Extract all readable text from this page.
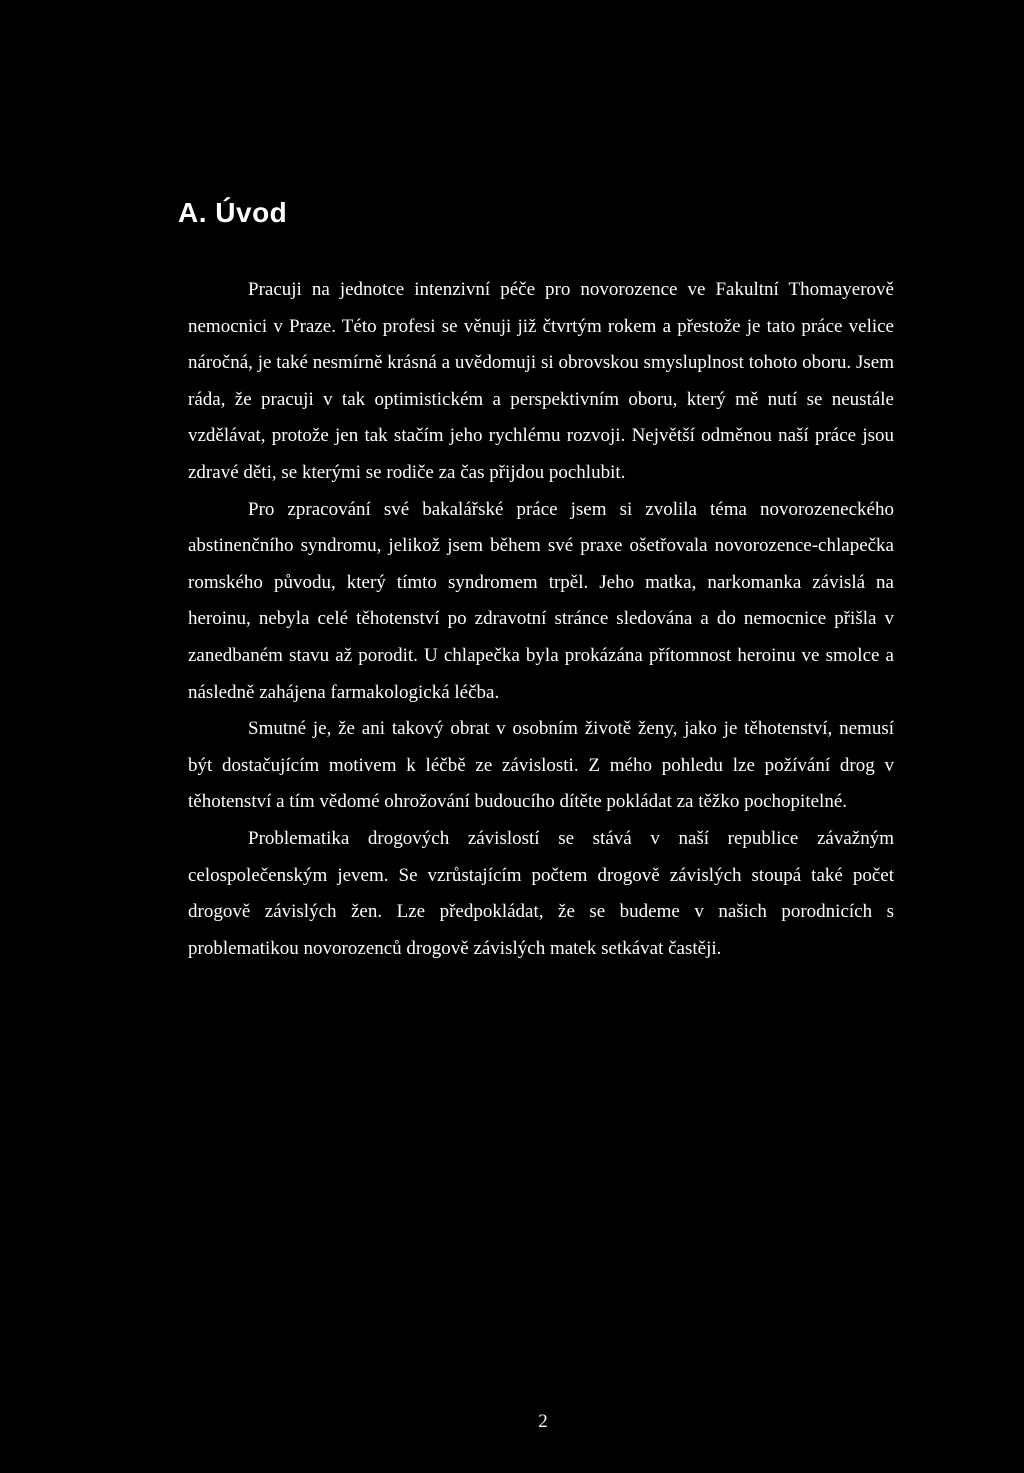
A. Úvod

Pracuji na jednotce intenzivní péče pro novorozence ve Fakultní Thomayerově nemocnici v Praze. Této profesi se věnuji již čtvrtým rokem a přestože je tato práce velice náročná, je také nesmírně krásná a uvědomuji si obrovskou smysluplnost tohoto oboru. Jsem ráda, že pracuji v tak optimistickém a perspektivním oboru, který mě nutí se neustále vzdělávat, protože jen tak stačím jeho rychlému rozvoji. Největší odměnou naší práce jsou zdravé děti, se kterými se rodiče za čas přijdou pochlubit.

Pro zpracování své bakalářské práce jsem si zvolila téma novorozeneckého abstinenčního syndromu, jelikož jsem během své praxe ošetřovala novorozence-chlapečka romského původu, který tímto syndromem trpěl. Jeho matka, narkomanka závislá na heroinu, nebyla celé těhotenství po zdravotní stránce sledována a do nemocnice přišla v zanedbaném stavu až porodit. U chlapečka byla prokázána přítomnost heroinu ve smolce a následně zahájena farmakologická léčba.

Smutné je, že ani takový obrat v osobním životě ženy, jako je těhotenství, nemusí být dostačujícím motivem k léčbě ze závislosti. Z mého pohledu lze požívání drog v těhotenství a tím vědomé ohrožování budoucího dítěte pokládat za těžko pochopitelné.

Problematika drogových závislostí se stává v naší republice závažným celospolečenským jevem. Se vzrůstajícím počtem drogově závislých stoupá také počet drogově závislých žen. Lze předpokládat, že se budeme v našich porodnicích s problematikou novorozenců drogově závislých matek setkávat častěji.

2
